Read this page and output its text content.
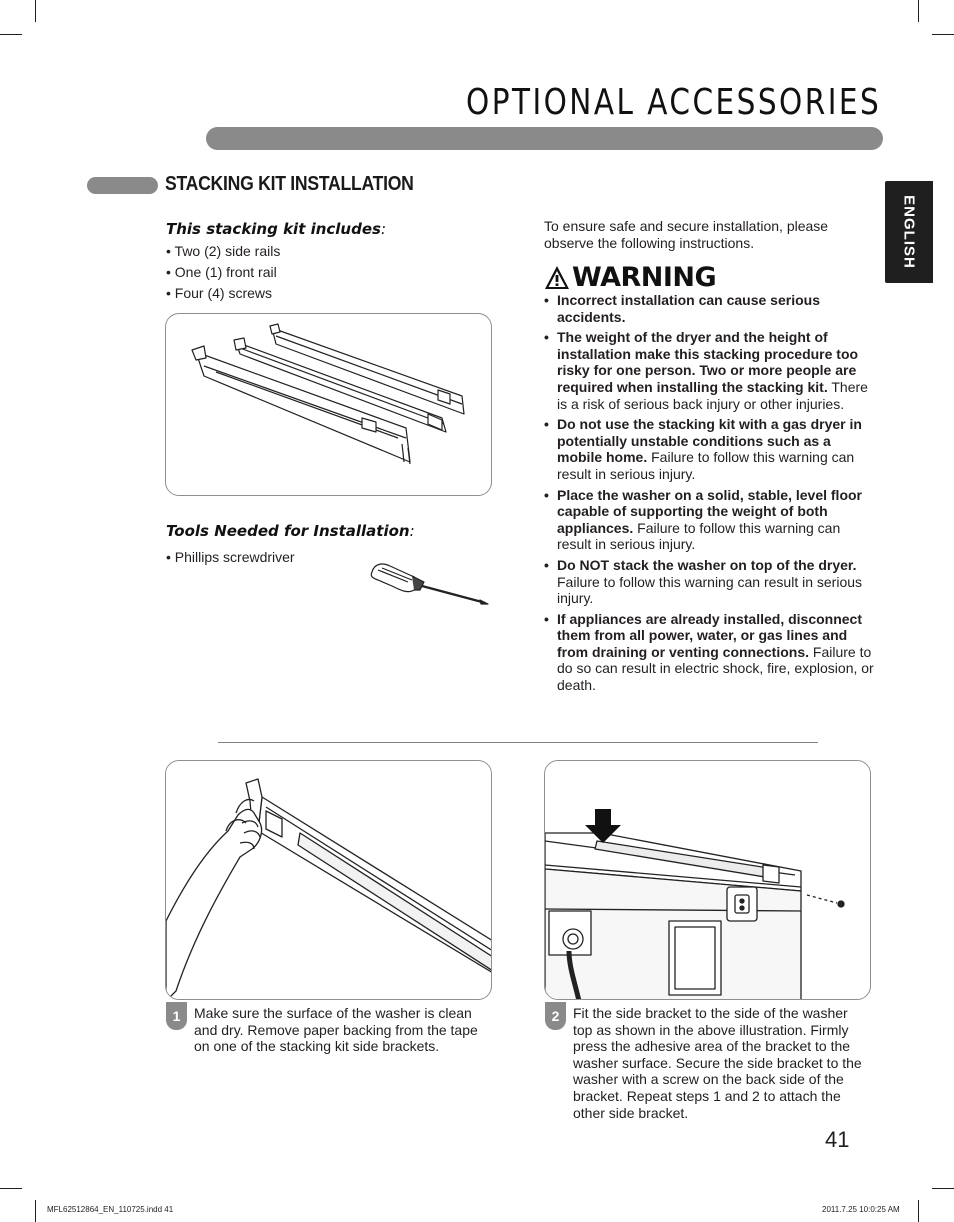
OPTIONAL ACCESSORIES
STACKING KIT INSTALLATION
ENGLISH
This stacking kit includes:
• Two (2) side rails
• One (1) front rail
• Four (4) screws
Tools Needed for Installation:
• Phillips screwdriver
To ensure safe and secure installation, please observe the following instructions.
WARNING
• Incorrect installation can cause serious accidents.
• The weight of the dryer and the height of installation make this stacking procedure too risky for one person. Two or more people are required when installing the stacking kit. There is a risk of serious back injury or other injuries.
• Do not use the stacking kit with a gas dryer in potentially unstable conditions such as a mobile home. Failure to follow this warning can result in serious injury.
• Place the washer on a solid, stable, level floor capable of supporting the weight of both appliances. Failure to follow this warning can result in serious injury.
• Do NOT stack the washer on top of the dryer. Failure to follow this warning can result in serious injury.
• If appliances are already installed, disconnect them from all power, water, or gas lines and from draining or venting connections. Failure to do so can result in electric shock, fire, explosion, or death.
1 Make sure the surface of the washer is clean and dry. Remove paper backing from the tape on one of the stacking kit side brackets.
2 Fit the side bracket to the side of the washer top as shown in the above illustration. Firmly press the adhesive area of the bracket to the washer surface. Secure the side bracket to the washer with a screw on the back side of the bracket. Repeat steps 1 and 2 to attach the other side bracket.
41
MFL62512864_EN_110725.indd 41	2011.7.25 10:0:25 AM
